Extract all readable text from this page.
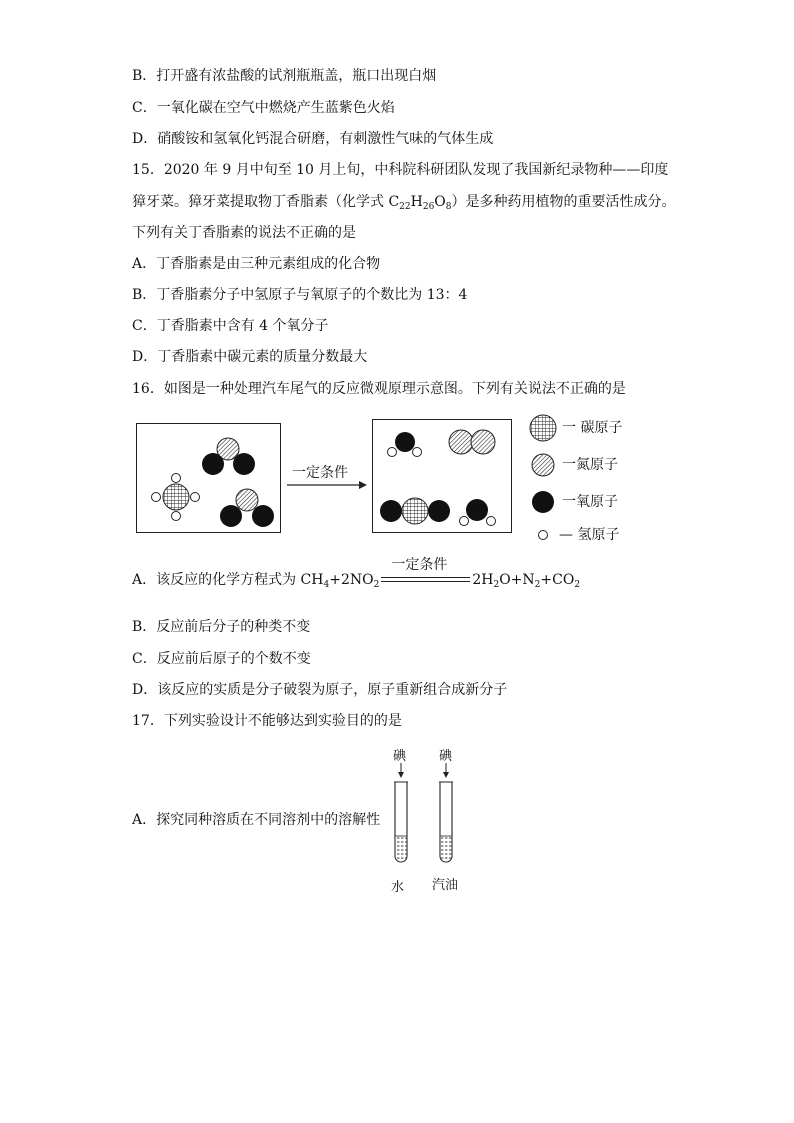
B．打开盛有浓盐酸的试剂瓶瓶盖，瓶口出现白烟
C．一氧化碳在空气中燃烧产生蓝紫色火焰
D．硝酸铵和氢氧化钙混合研磨，有刺激性气味的气体生成
15．2020 年 9 月中旬至 10 月上旬，中科院科研团队发现了我国新纪录物种——印度
獐牙菜。獐牙菜提取物丁香脂素（化学式 $C_{22}H_{26}O_8$）是多种药用植物的重要活性成分。
下列有关丁香脂素的说法不正确的是
A．丁香脂素是由三种元素组成的化合物
B．丁香脂素分子中氢原子与氧原子的个数比为 13：4
C．丁香脂素中含有 4 个氧分子
D．丁香脂素中碳元素的质量分数最大
16．如图是一种处理汽车尾气的反应微观原理示意图。下列有关说法不正确的是
一定条件
一 碳原子
一氮原子
一氧原子
— 氢原子
A．该反应的化学方程式为 $CH_4+2NO_2$
一定条件
$2H_2O+N_2+CO_2$
B．反应前后分子的种类不变
C．反应前后原子的个数不变
D．该反应的实质是分子破裂为原子，原子重新组合成新分子
17．下列实验设计不能够达到实验目的的是
A．探究同种溶质在不同溶剂中的溶解性
碘	碘
水 汽油
